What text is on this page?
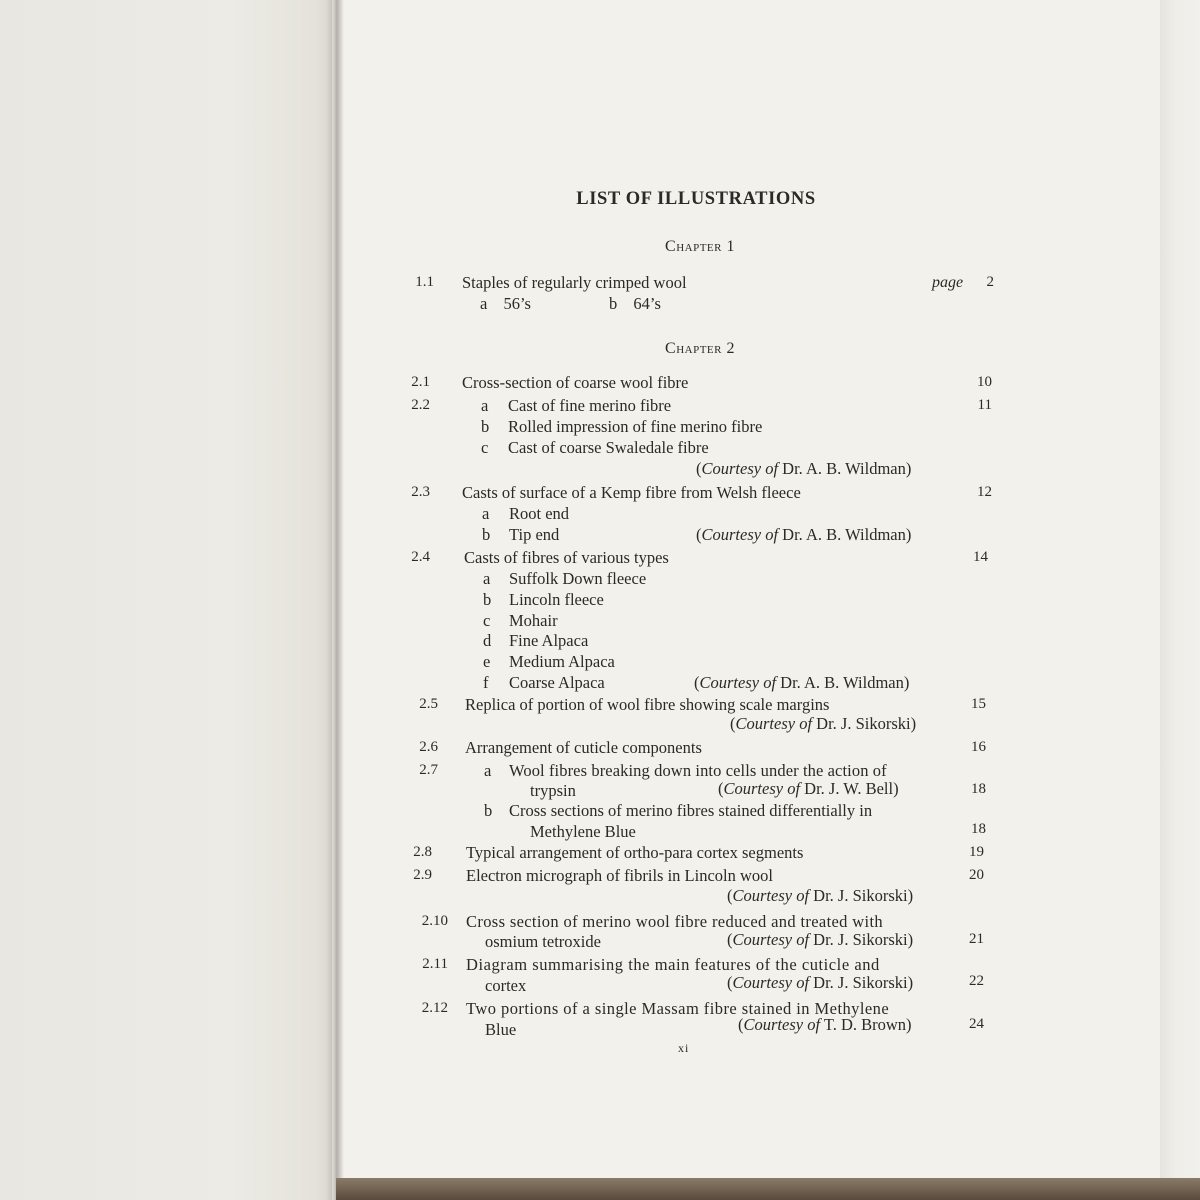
LIST OF ILLUSTRATIONS
Chapter 1
1.1 Staples of regularly crimped wool	page 2
a 56’s	b 64’s
Chapter 2
2.1 Cross-section of coarse wool fibre	10
2.2	a Cast of fine merino fibre	11
b Rolled impression of fine merino fibre
c Cast of coarse Swaledale fibre
(Courtesy of Dr. A. B. Wildman)
2.3 Casts of surface of a Kemp fibre from Welsh fleece	12
a Root end
b Tip end	(Courtesy of Dr. A. B. Wildman)
2.4 Casts of fibres of various types	14
a Suffolk Down fleece
b Lincoln fleece
c Mohair
d Fine Alpaca
e Medium Alpaca
f Coarse Alpaca	(Courtesy of Dr. A. B. Wildman)
2.5 Replica of portion of wool fibre showing scale margins	15
(Courtesy of Dr. J. Sikorski)
2.6 Arrangement of cuticle components	16
2.7	a Wool fibres breaking down into cells under the action of
trypsin	(Courtesy of Dr. J. W. Bell)	18
b Cross sections of merino fibres stained differentially in
Methylene Blue	18
2.8 Typical arrangement of ortho-para cortex segments	19
2.9 Electron micrograph of fibrils in Lincoln wool	20
(Courtesy of Dr. J. Sikorski)
2.10 Cross section of merino wool fibre reduced and treated with
osmium tetroxide	(Courtesy of Dr. J. Sikorski)	21
2.11 Diagram summarising the main features of the cuticle and
cortex	(Courtesy of Dr. J. Sikorski)	22
2.12 Two portions of a single Massam fibre stained in Methylene
Blue	(Courtesy of T. D. Brown)	24
xi
